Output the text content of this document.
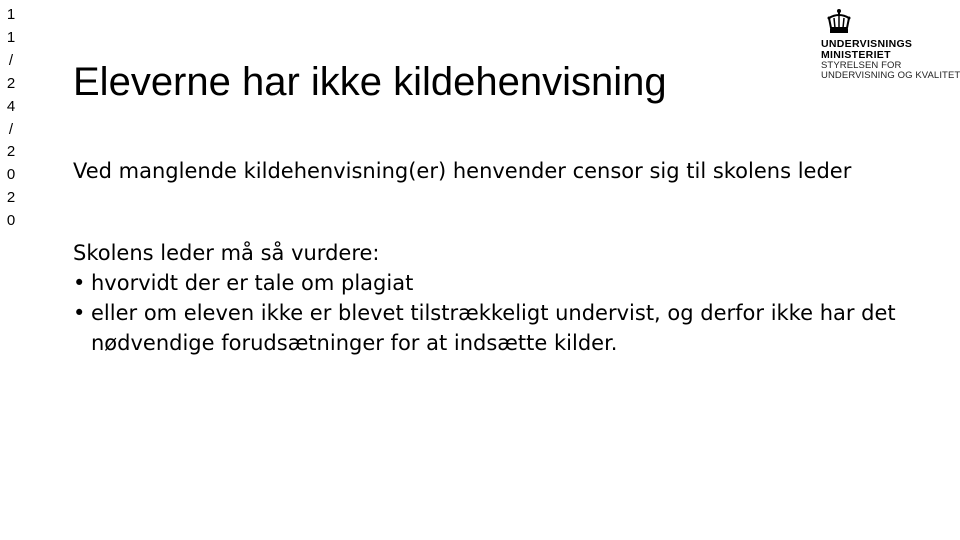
1
1
/
2
4
/
2
0
2
0
Eleverne har ikke kildehenvisning

Ved manglende kildehenvisning(er) henvender censor sig til skolens leder

Skolens leder må så vurdere:

• hvorvidt der er tale om plagiat
• eller om eleven ikke er blevet tilstrækkeligt undervist, og derfor ikke har det nødvendige forudsætninger for at indsætte kilder.
UNDERVISNINGS
MINISTERIET
STYRELSEN FOR
UNDERVISNING OG KVALITET
